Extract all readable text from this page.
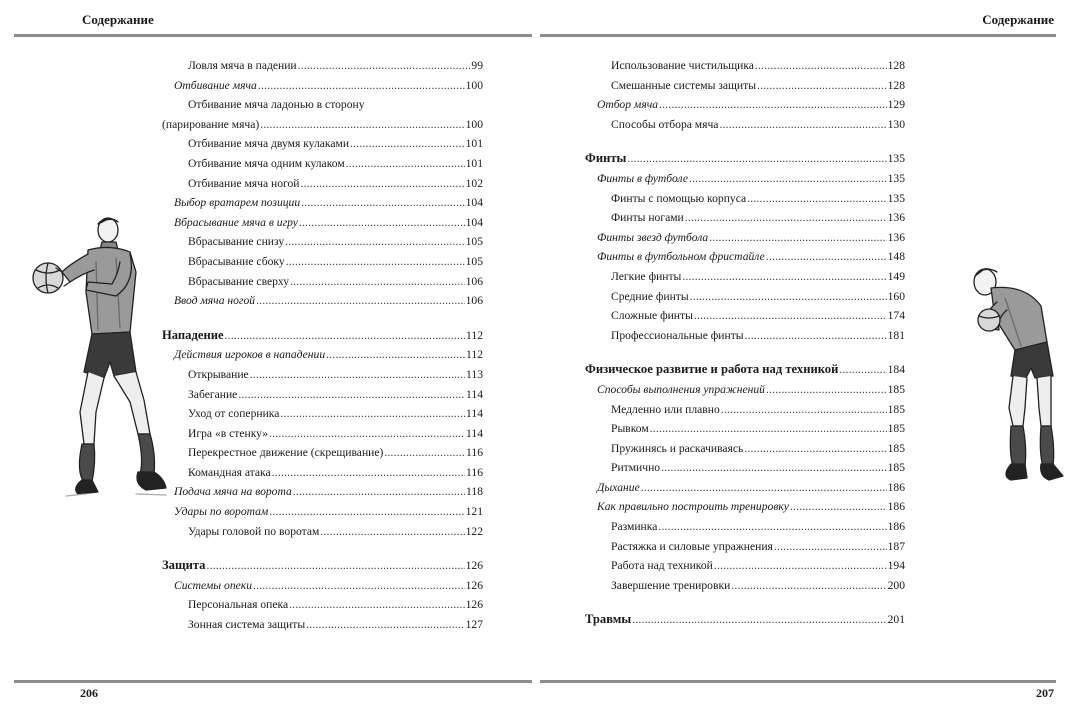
Содержание
Ловля мяча в падении .....	99
Отбивание мяча .....	100
Отбивание мяча ладонью в сторону
(парирование мяча) .....	100
Отбивание мяча двумя кулаками .....	101
Отбивание мяча одним кулаком .....	101
Отбивание мяча ногой .....	102
Выбор вратарем позиции .....	104
Вбрасывание мяча в игру .....	104
Вбрасывание снизу .....	105
Вбрасывание сбоку .....	105
Вбрасывание сверху .....	106
Ввод мяча ногой .....	106
Нападение .....	112
Действия игроков в нападении .....	112
Открывание .....	113
Забегание .....	114
Уход от соперника .....	114
Игра «в стенку» .....	114
Перекрестное движение (скрещивание) .....	116
Командная атака .....	116
Подача мяча на ворота .....	118
Удары по воротам .....	121
Удары головой по воротам .....	122
Защита .....	126
Системы опеки .....	126
Персональная опека .....	126
Зонная система защиты .....	127
206
Содержание
Использование чистильщика .....	128
Смешанные системы защиты .....	128
Отбор мяча .....	129
Способы отбора мяча .....	130
Финты .....	135
Финты в футболе .....	135
Финты с помощью корпуса .....	135
Финты ногами .....	136
Финты звезд футбола .....	136
Финты в футбольном фристайле .....	148
Легкие финты .....	149
Средние финты .....	160
Сложные финты .....	174
Профессиональные финты .....	181
Физическое развитие и работа над техникой .....	184
Способы выполнения упражнений .....	185
Медленно или плавно .....	185
Рывком .....	185
Пружинясь и раскачиваясь .....	185
Ритмично .....	185
Дыхание .....	186
Как правильно построить тренировку .....	186
Разминка .....	186
Растяжка и силовые упражнения .....	187
Работа над техникой .....	194
Завершение тренировки .....	200
Травмы .....	201
207
